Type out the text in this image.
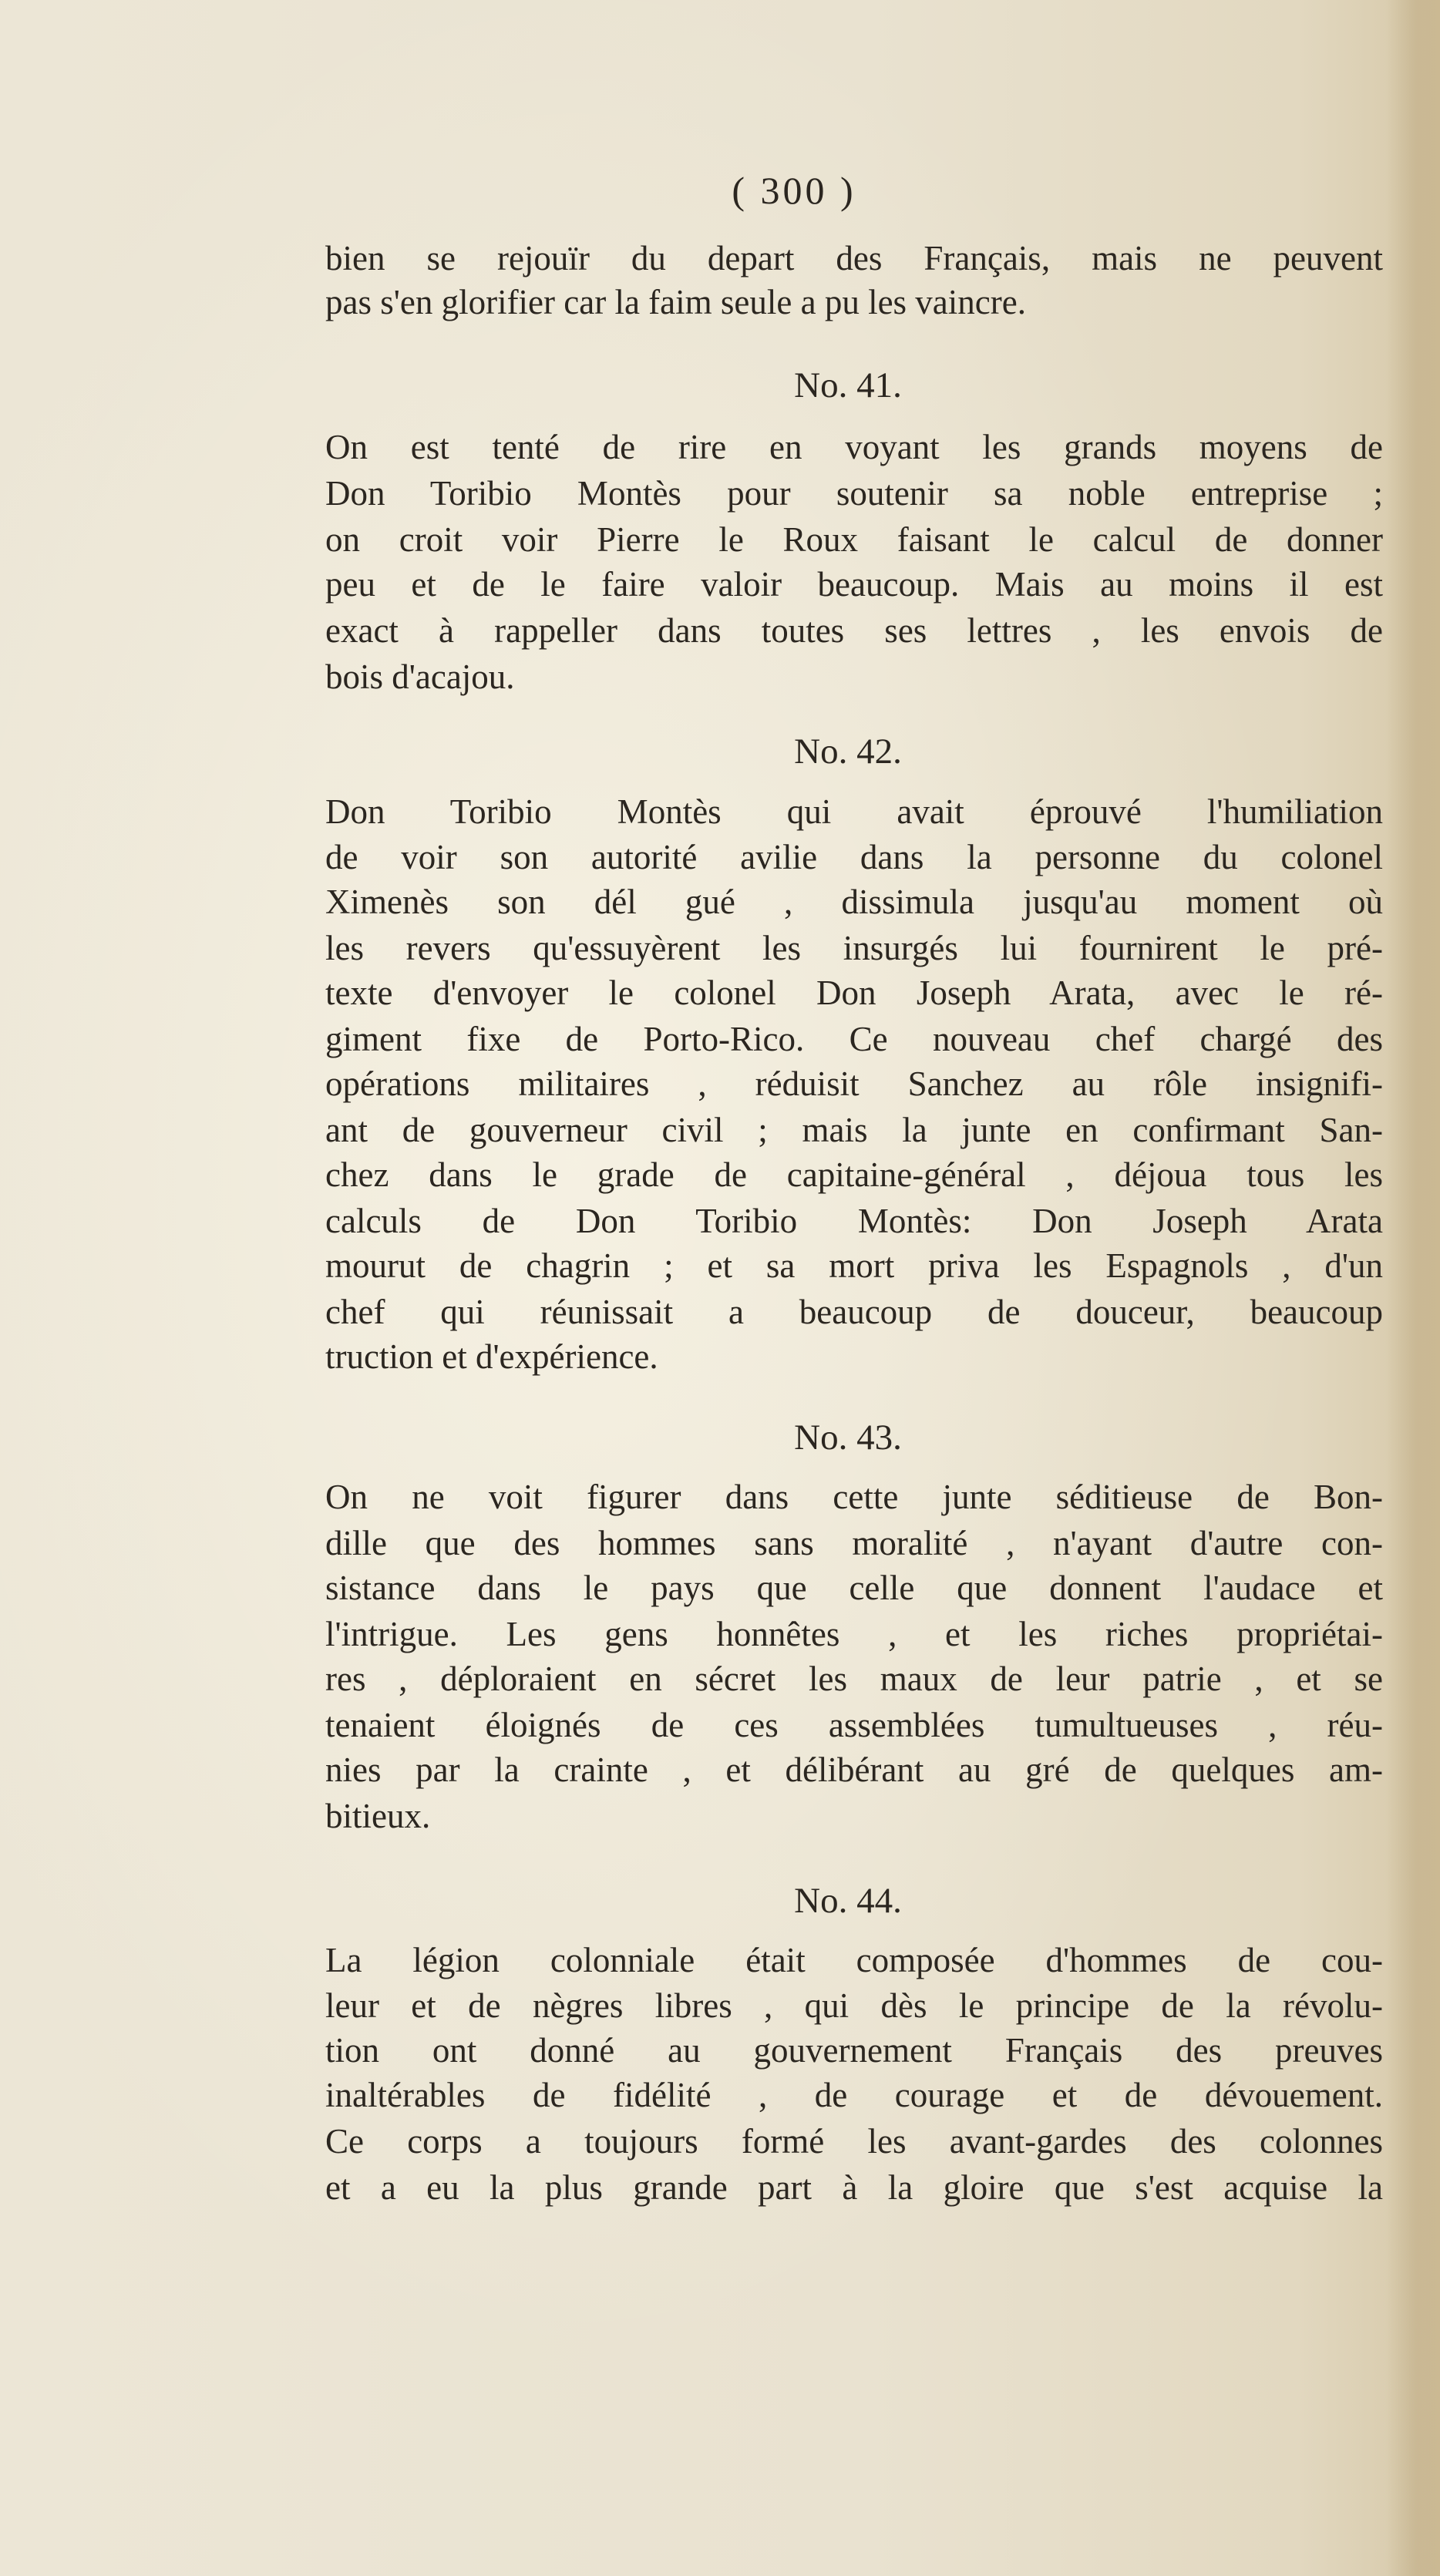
( 300 )
bien se rejouïr du depart des Français, mais ne peuvent
pas s'en glorifier car la faim seule a pu les vaincre.
No. 41.
On est tenté de rire en voyant les grands moyens de
Don Toribio Montès pour soutenir sa noble entreprise ;
on croit voir Pierre le Roux faisant le calcul de donner
peu et de le faire valoir beaucoup. Mais au moins il est
exact à rappeller dans toutes ses lettres , les envois de
bois d'acajou.
No. 42.
Don Toribio Montès qui avait éprouvé l'humiliation
de voir son autorité avilie dans la personne du colonel
Ximenès son dél gué , dissimula jusqu'au moment où
les revers qu'essuyèrent les insurgés lui fournirent le pré-
texte d'envoyer le colonel Don Joseph Arata, avec le ré-
giment fixe de Porto-Rico. Ce nouveau chef chargé des
opérations militaires , réduisit Sanchez au rôle insignifi-
ant de gouverneur civil ; mais la junte en confirmant San-
chez dans le grade de capitaine-général , déjoua tous les
calculs de Don Toribio Montès: Don Joseph Arata
mourut de chagrin ; et sa mort priva les Espagnols , d'un
chef qui réunissait a beaucoup de douceur, beaucoup
truction et d'expérience.
No. 43.
On ne voit figurer dans cette junte séditieuse de Bon-
dille que des hommes sans moralité , n'ayant d'autre con-
sistance dans le pays que celle que donnent l'audace et
l'intrigue. Les gens honnêtes , et les riches propriétai-
res , déploraient en sécret les maux de leur patrie , et se
tenaient éloignés de ces assemblées tumultueuses , réu-
nies par la crainte , et délibérant au gré de quelques am-
bitieux.
No. 44.
La légion colonniale était composée d'hommes de cou-
leur et de nègres libres , qui dès le principe de la révolu-
tion ont donné au gouvernement Français des preuves
inaltérables de fidélité , de courage et de dévouement.
Ce corps a toujours formé les avant-gardes des colonnes
et a eu la plus grande part à la gloire que s'est acquise la
